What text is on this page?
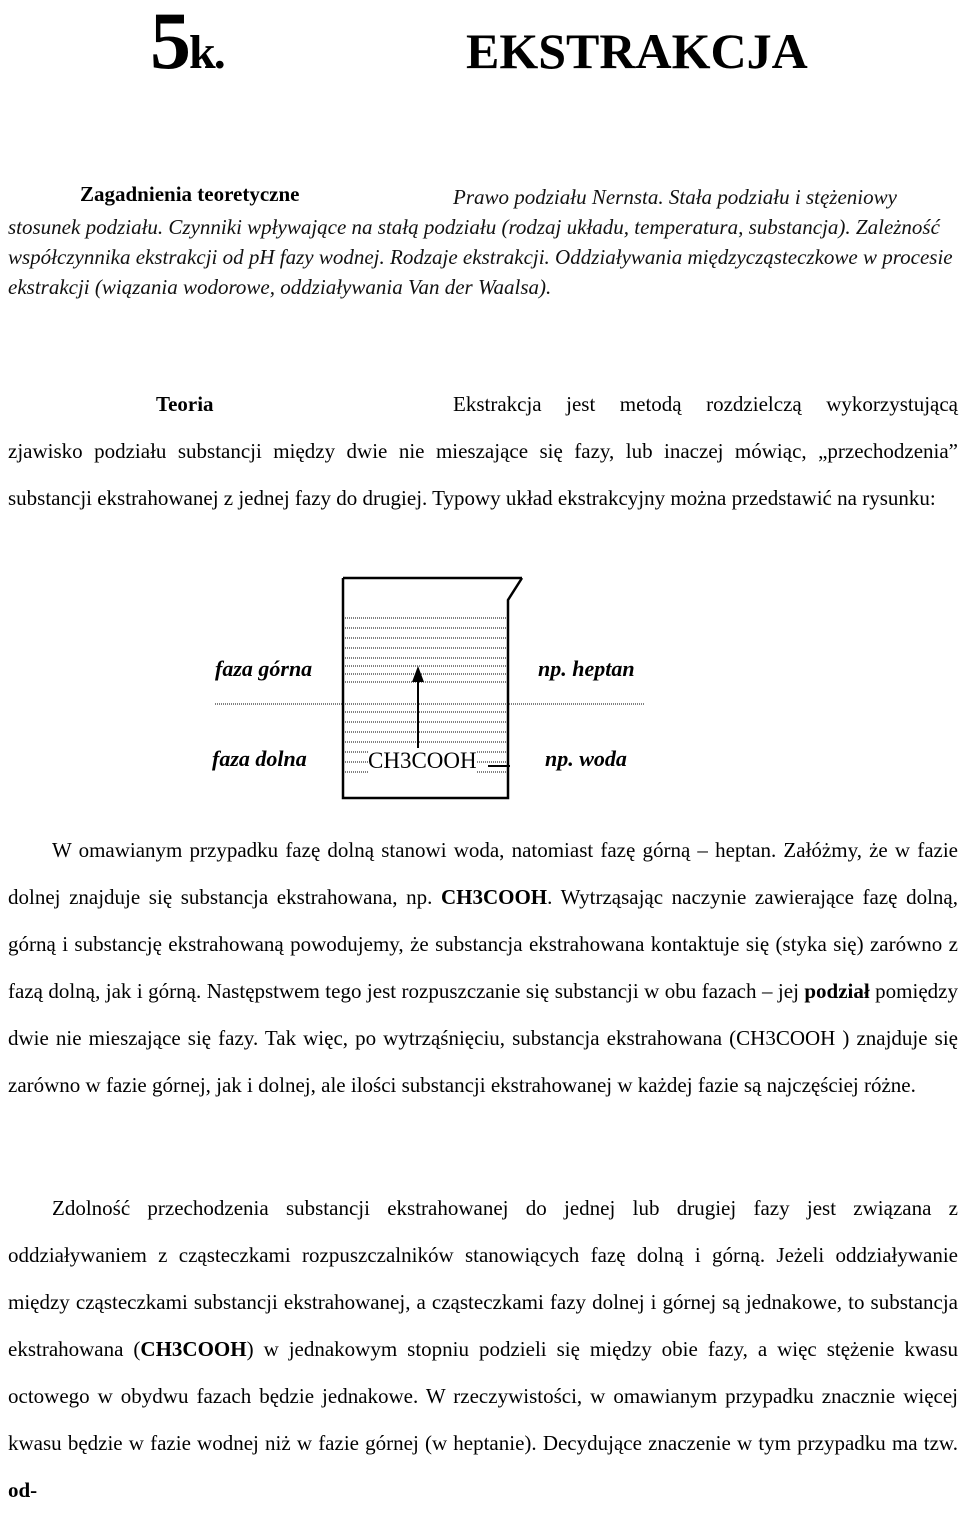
5k.	EKSTRAKCJA
Prawo podziału Nernsta. Stała podziału i stężeniowy stosunek podziału. Czynniki wpływające na stałą podziału (rodzaj układu, temperatura, substancja). Zależność współczynnika ekstrakcji od pH fazy wodnej. Rodzaje ekstrakcji. Oddziaływania międzycząsteczkowe w procesie ekstrakcji (wiązania wodorowe, oddziaływania Van der Waalsa).
Zagadnienia teoretyczne
Teoria	Ekstrakcja jest metodą rozdzielczą wykorzystującą zjawisko podziału substancji między dwie nie mieszające się fazy, lub inaczej mówiąc, „przechodzenia” substancji ekstrahowanej z jednej fazy do drugiej. Typowy układ ekstrakcyjny można przedstawić na rysunku:
faza górna	np. heptan
faza dolna	np. woda
CH3COOH
W omawianym przypadku fazę dolną stanowi woda, natomiast fazę górną – heptan. Załóżmy, że w fazie dolnej znajduje się substancja ekstrahowana, np. CH3COOH. Wytrząsając naczynie zawierające fazę dolną, górną i substancję ekstrahowaną powodujemy, że substancja ekstrahowana kontaktuje się (styka się) zarówno z fazą dolną, jak i górną. Następstwem tego jest rozpuszczanie się substancji w obu fazach – jej podział pomiędzy dwie nie mieszające się fazy. Tak więc, po wytrząśnięciu, substancja ekstrahowana (CH3COOH ) znajduje się zarówno w fazie górnej, jak i dolnej, ale ilości substancji ekstrahowanej w każdej fazie są najczęściej różne.
Zdolność przechodzenia substancji ekstrahowanej do jednej lub drugiej fazy jest związana z oddziaływaniem z cząsteczkami rozpuszczalników stanowiących fazę dolną i górną. Jeżeli oddziaływanie między cząsteczkami substancji ekstrahowanej, a cząsteczkami fazy dolnej i górnej są jednakowe, to substancja ekstrahowana (CH3COOH) w jednakowym stopniu podzieli się między obie fazy, a więc stężenie kwasu octowego w obydwu fazach będzie jednakowe. W rzeczywistości, w omawianym przypadku znacznie więcej kwasu będzie w fazie wodnej niż w fazie górnej (w heptanie). Decydujące znaczenie w tym przypadku ma tzw. od-
